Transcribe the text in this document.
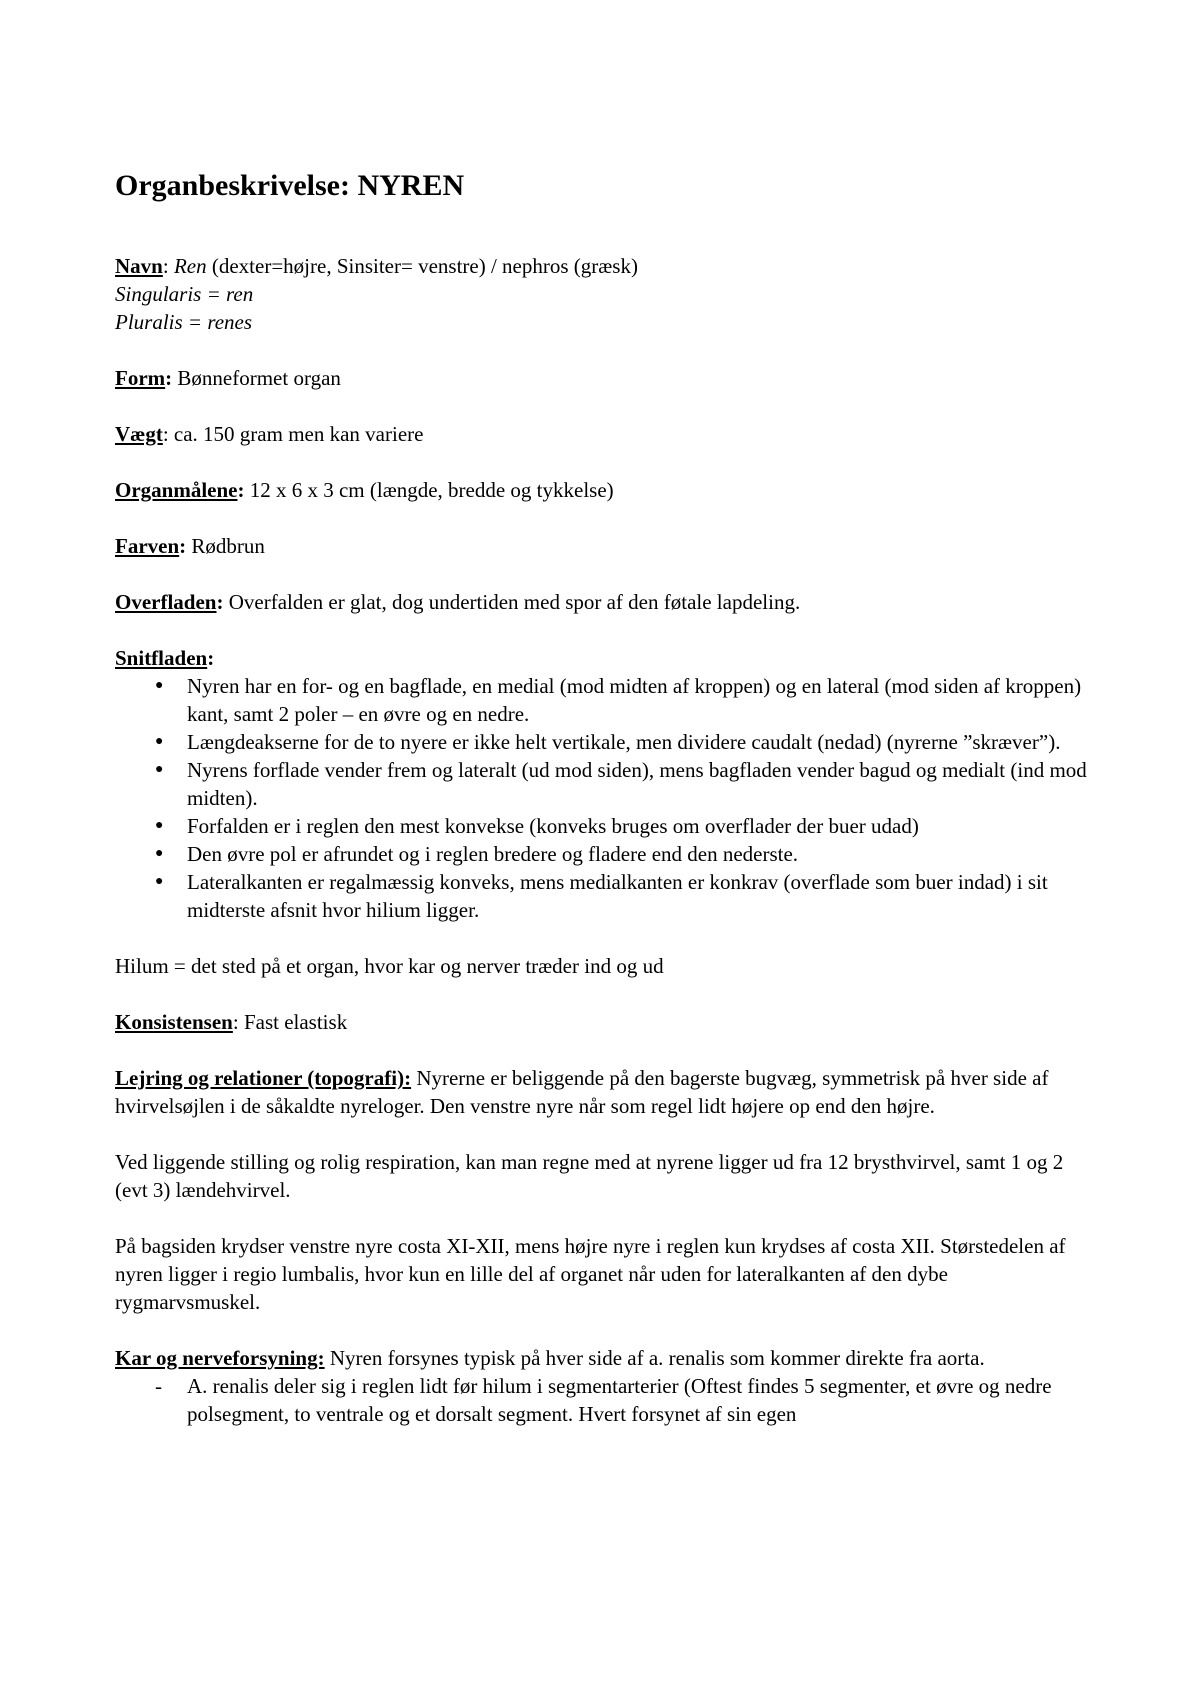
Organbeskrivelse: NYREN

Navn: Ren (dexter=højre, Sinsiter= venstre) / nephros (græsk)
Singularis = ren
Pluralis = renes

Form: Bønneformet organ

Vægt: ca. 150 gram men kan variere

Organmålene: 12 x 6 x 3 cm (længde, bredde og tykkelse)

Farven: Rødbrun

Overfladen: Overfalden er glat, dog undertiden med spor af den føtale lapdeling.

Snitfladen:

● Nyren har en for- og en bagflade, en medial (mod midten af kroppen) og en lateral (mod siden af kroppen) kant, samt 2 poler – en øvre og en nedre.
● Længdeakserne for de to nyere er ikke helt vertikale, men dividere caudalt (nedad) (nyrerne ”skræver”).
● Nyrens forflade vender frem og lateralt (ud mod siden), mens bagfladen vender bagud og medialt (ind mod midten).
● Forfalden er i reglen den mest konvekse (konveks bruges om overflader der buer udad)
● Den øvre pol er afrundet og i reglen bredere og fladere end den nederste.
● Lateralkanten er regalmæssig konveks, mens medialkanten er konkrav (overflade som buer indad) i sit midterste afsnit hvor hilium ligger.

Hilum = det sted på et organ, hvor kar og nerver træder ind og ud

Konsistensen: Fast elastisk

Lejring og relationer (topografi): Nyrerne er beliggende på den bagerste bugvæg, symmetrisk på hver side af hvirvelsøjlen i de såkaldte nyreloger. Den venstre nyre når som regel lidt højere op end den højre.

Ved liggende stilling og rolig respiration, kan man regne med at nyrene ligger ud fra 12 brysthvirvel, samt 1 og 2 (evt 3) lændehvirvel.

På bagsiden krydser venstre nyre costa XI-XII, mens højre nyre i reglen kun krydses af costa XII. Størstedelen af nyren ligger i regio lumbalis, hvor kun en lille del af organet når uden for lateralkanten af den dybe rygmarvsmuskel.

Kar og nerveforsyning: Nyren forsynes typisk på hver side af a. renalis som kommer direkte fra aorta.

- A. renalis deler sig i reglen lidt før hilum i segmentarterier (Oftest findes 5 segmenter, et øvre og nedre polsegment, to ventrale og et dorsalt segment. Hvert forsynet af sin egen
